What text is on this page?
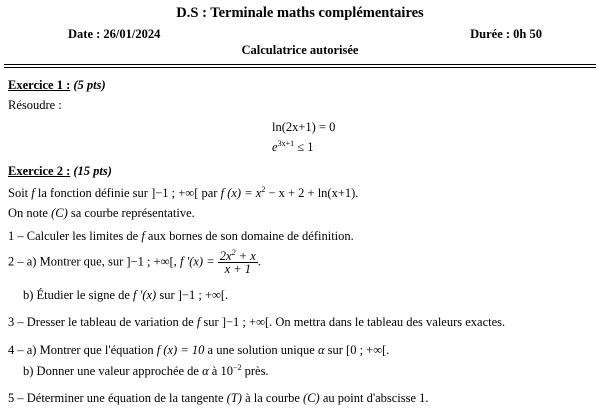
D.S : Terminale maths complémentaires
Date : 26/01/2024	Durée : 0h 50
Calculatrice autorisée
Exercice 1 : (5 pts)
Résoudre :
ln(2x+1) = 0
$e^{3x+1} \le 1$
Exercice 2 : (15 pts)
Soit f la fonction définie sur ]−1 ; +∞[ par f $(x) = x^2 - x + 2 + \ln(x+1)$.
On note (C) sa courbe représentative.
1 – Calculer les limites de f aux bornes de son domaine de définition.
2 – a) Montrer que, sur ]−1 ; +∞[, f '$(x) = \frac{2x^2 + x}{x + 1}$ .
b) Étudier le signe de f '(x) sur ]−1 ; +∞[.
3 – Dresser le tableau de variation de f sur ]−1 ; +∞[. On mettra dans le tableau des valeurs exactes.
4 – a) Montrer que l'équation f (x) = 10 a une solution unique α sur [0 ; +∞[.
b) Donner une valeur approchée de α à $10^{-2}$ près.
5 – Déterminer une équation de la tangente (T) à la courbe (C) au point d'abscisse 1.
